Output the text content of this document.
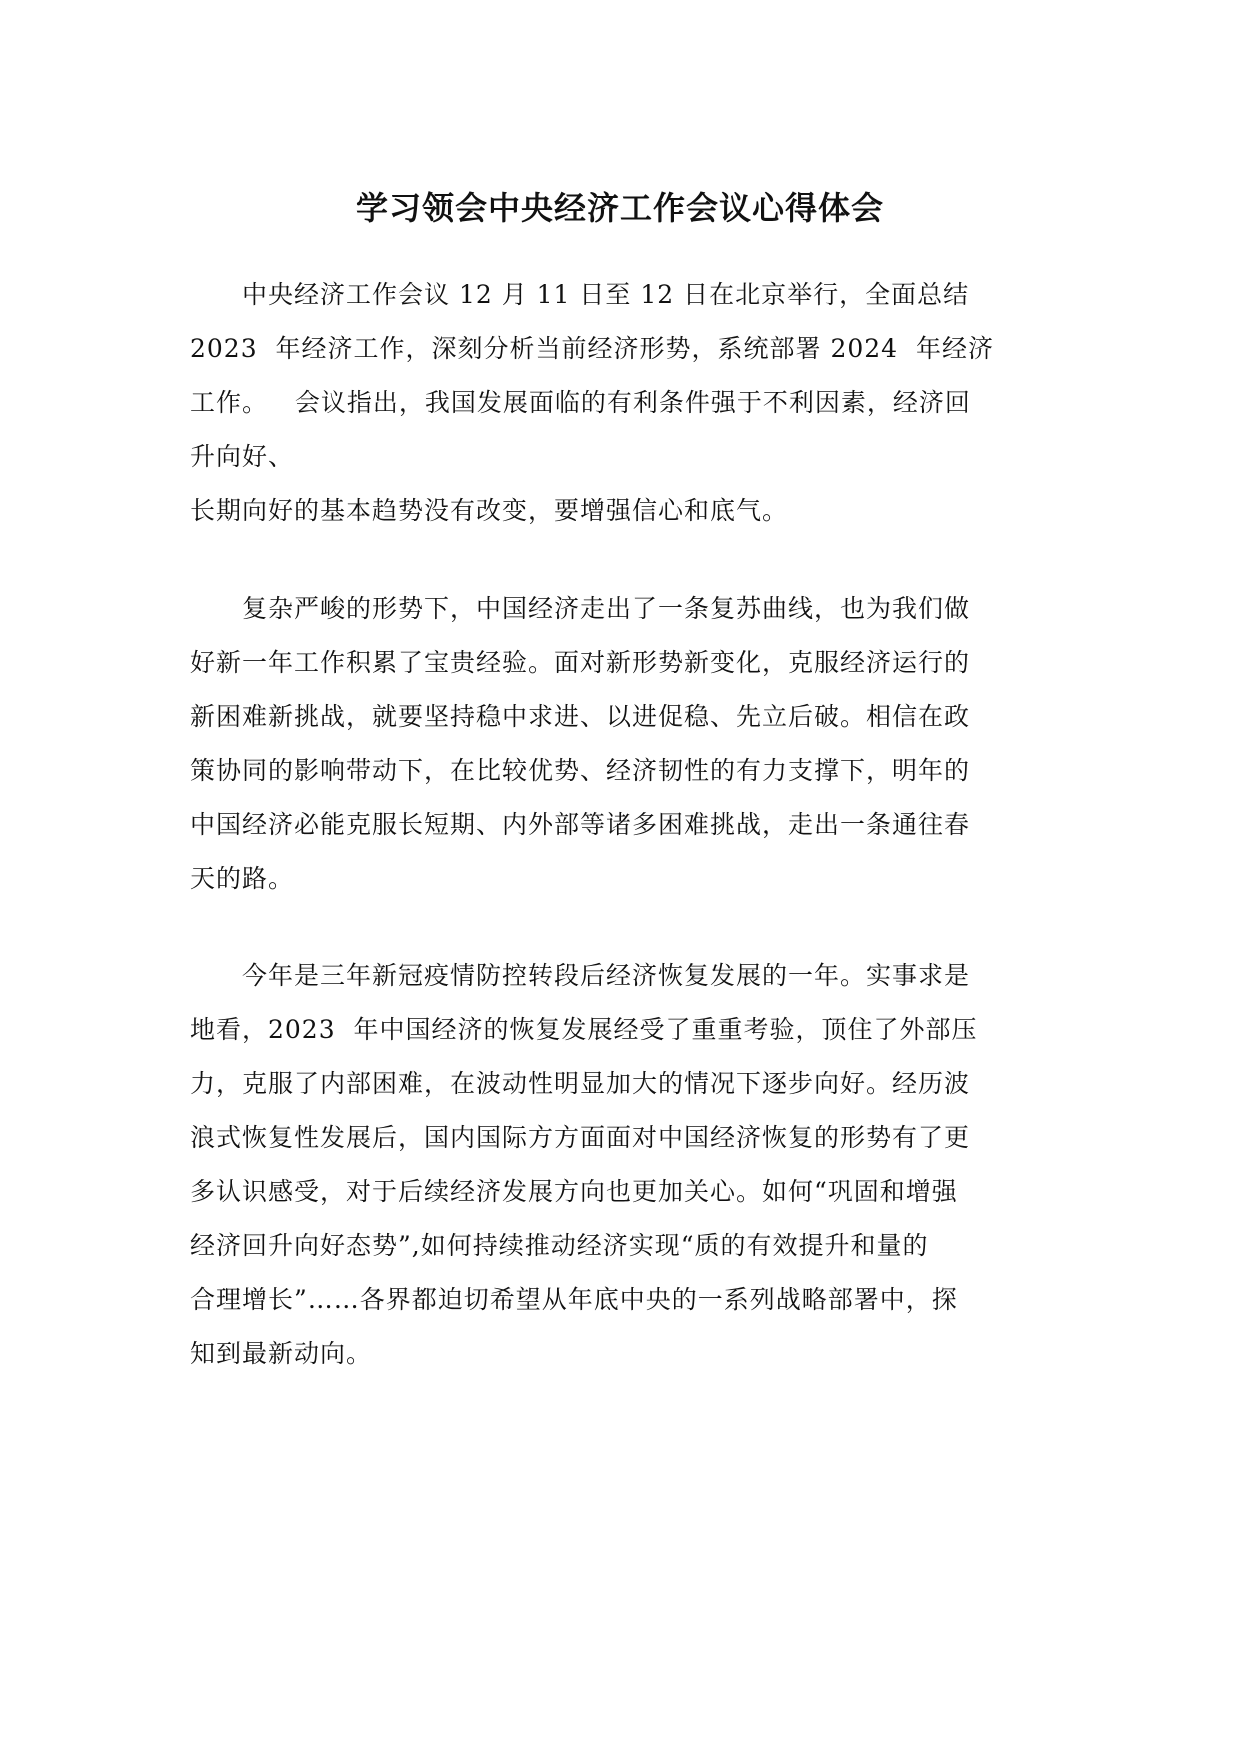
学习领会中央经济工作会议心得体会

中央经济工作会议 12 月 11 日至 12 日在北京举行，全面总结
2023  年经济工作，深刻分析当前经济形势，系统部署 2024  年经济
工作。   会议指出，我国发展面临的有利条件强于不利因素，经济回
升向好、
长期向好的基本趋势没有改变，要增强信心和底气。

复杂严峻的形势下，中国经济走出了一条复苏曲线，也为我们做
好新一年工作积累了宝贵经验。面对新形势新变化，克服经济运行的
新困难新挑战，就要坚持稳中求进、以进促稳、先立后破。相信在政
策协同的影响带动下，在比较优势、经济韧性的有力支撑下，明年的
中国经济必能克服长短期、内外部等诸多困难挑战，走出一条通往春
天的路。

今年是三年新冠疫情防控转段后经济恢复发展的一年。实事求是
地看，2023  年中国经济的恢复发展经受了重重考验，顶住了外部压
力，克服了内部困难，在波动性明显加大的情况下逐步向好。经历波
浪式恢复性发展后，国内国际方方面面对中国经济恢复的形势有了更
多认识感受，对于后续经济发展方向也更加关心。如何“巩固和增强
经济回升向好态势”,如何持续推动经济实现“质的有效提升和量的
合理增长”……各界都迫切希望从年底中央的一系列战略部署中，探
知到最新动向。
